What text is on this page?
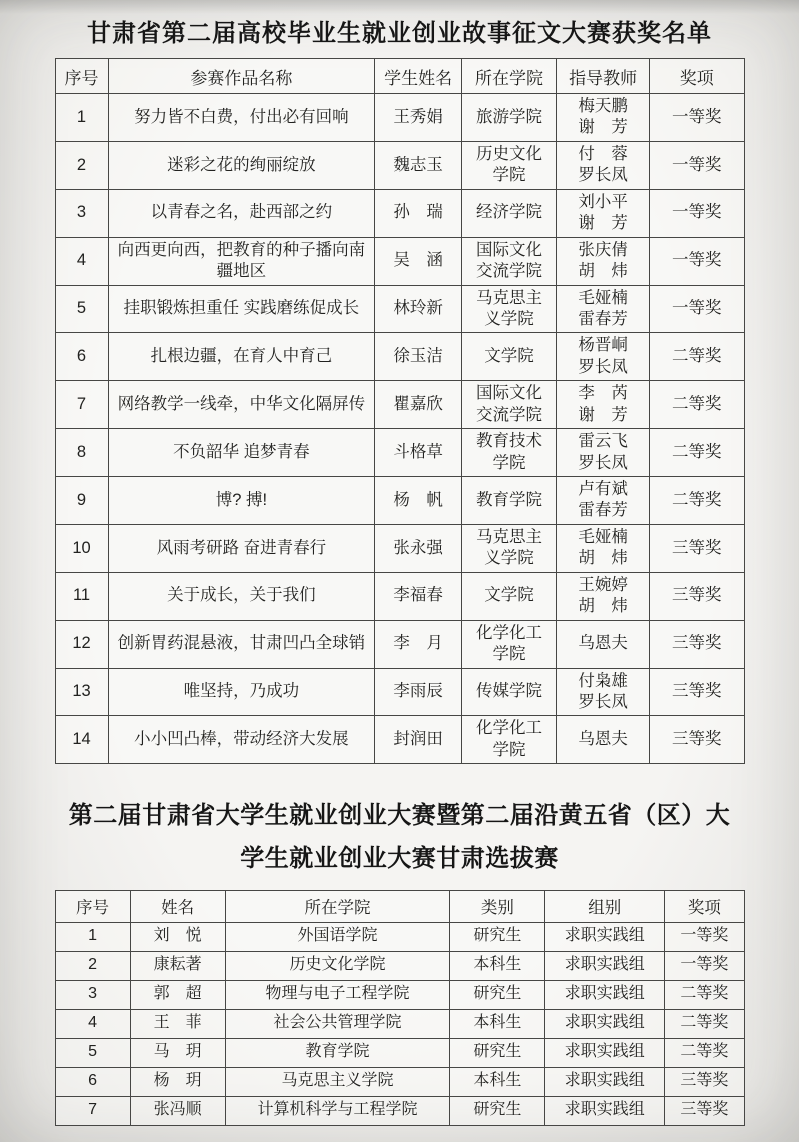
甘肃省第二届高校毕业生就业创业故事征文大赛获奖名单
序号	参赛作品名称	学生姓名	所在学院	指导教师	奖项
1	努力皆不白费，付出必有回响	王秀娟	旅游学院	梅天鹏
谢　芳	一等奖
2	迷彩之花的绚丽绽放	魏志玉	历史文化学院	付　蓉
罗长凤	一等奖
3	以青春之名，赴西部之约	孙　瑞	经济学院	刘小平
谢　芳	一等奖
4	向西更向西，把教育的种子播向南疆地区	吴　涵	国际文化交流学院	张庆倩
胡　炜	一等奖
5	挂职锻炼担重任 实践磨练促成长	林玲新	马克思主义学院	毛娅楠
雷春芳	一等奖
6	扎根边疆，在育人中育己	徐玉洁	文学院	杨晋峒
罗长凤	二等奖
7	网络教学一线牵，中华文化隔屏传	瞿嘉欣	国际文化交流学院	李　芮
谢　芳	二等奖
8	不负韶华 追梦青春	斗格草	教育技术学院	雷云飞
罗长凤	二等奖
9	博? 搏!	杨　帆	教育学院	卢有斌
雷春芳	二等奖
10	风雨考研路 奋进青春行	张永强	马克思主义学院	毛娅楠
胡　炜	三等奖
11	关于成长，关于我们	李福春	文学院	王婉婷
胡　炜	三等奖
12	创新胃药混悬液，甘肃凹凸全球销	李　月	化学化工学院	乌恩夫	三等奖
13	唯坚持，乃成功	李雨辰	传媒学院	付枭雄
罗长凤	三等奖
14	小小凹凸棒，带动经济大发展	封润田	化学化工学院	乌恩夫	三等奖
第二届甘肃省大学生就业创业大赛暨第二届沿黄五省（区）大学生就业创业大赛甘肃选拔赛
序号	姓名	所在学院	类别	组别	奖项
1	刘　悦	外国语学院	研究生	求职实践组	一等奖
2	康耘著	历史文化学院	本科生	求职实践组	一等奖
3	郭　超	物理与电子工程学院	研究生	求职实践组	二等奖
4	王　菲	社会公共管理学院	本科生	求职实践组	二等奖
5	马　玥	教育学院	研究生	求职实践组	二等奖
6	杨　玥	马克思主义学院	本科生	求职实践组	三等奖
7	张冯顺	计算机科学与工程学院	研究生	求职实践组	三等奖
